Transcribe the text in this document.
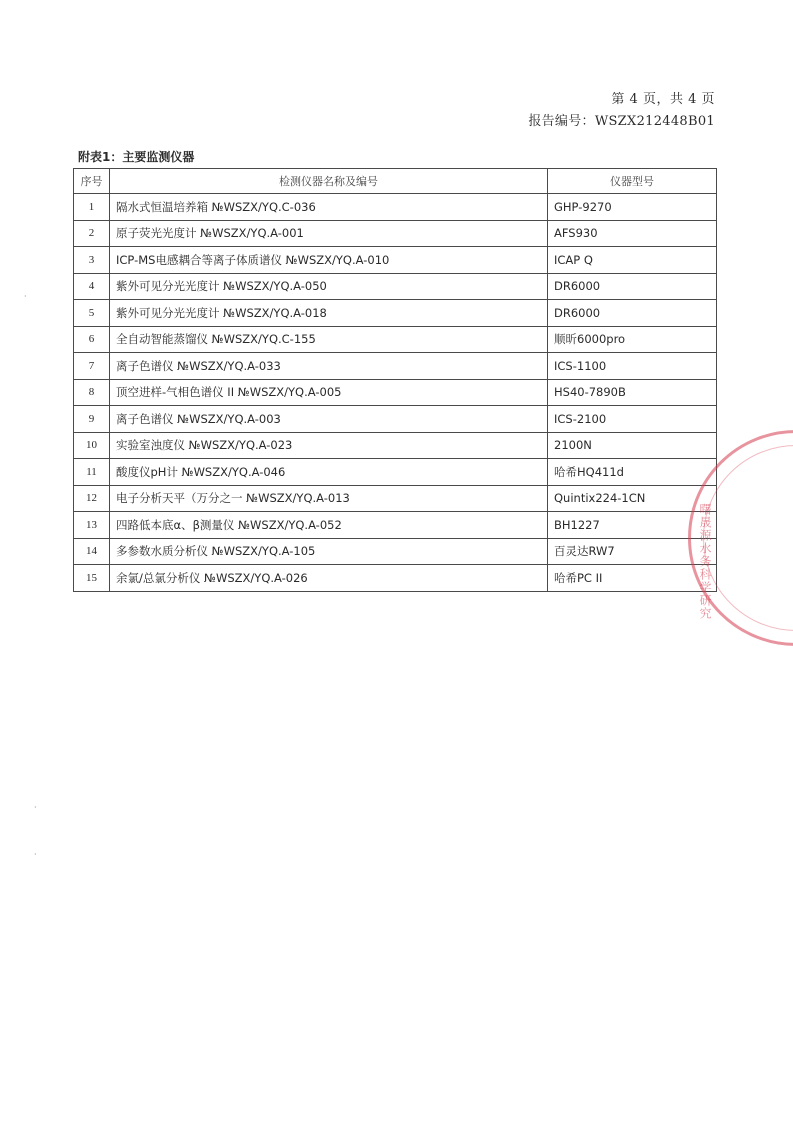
第 4 页，共 4 页
报告编号：WSZX212448B01
附表1：主要监测仪器
序号	检测仪器名称及编号	仪器型号
1	隔水式恒温培养箱 №WSZX/YQ.C-036	GHP-9270
2	原子荧光光度计 №WSZX/YQ.A-001	AFS930
3	ICP-MS电感耦合等离子体质谱仪 №WSZX/YQ.A-010	ICAP Q
4	紫外可见分光光度计 №WSZX/YQ.A-050	DR6000
5	紫外可见分光光度计 №WSZX/YQ.A-018	DR6000
6	全自动智能蒸馏仪 №WSZX/YQ.C-155	顺昕6000pro
7	离子色谱仪 №WSZX/YQ.A-033	ICS-1100
8	顶空进样-气相色谱仪 II №WSZX/YQ.A-005	HS40-7890B
9	离子色谱仪 №WSZX/YQ.A-003	ICS-2100
10	实验室浊度仪 №WSZX/YQ.A-023	2100N
11	酸度仪pH计 №WSZX/YQ.A-046	哈希HQ411d
12	电子分析天平（万分之一 №WSZX/YQ.A-013	Quintix224-1CN
13	四路低本底α、β测量仪 №WSZX/YQ.A-052	BH1227
14	多参数水质分析仪 №WSZX/YQ.A-105	百灵达RW7
15	余氯/总氯分析仪 №WSZX/YQ.A-026	哈希PC II	曙晟源水务科学研究
·
·
·
